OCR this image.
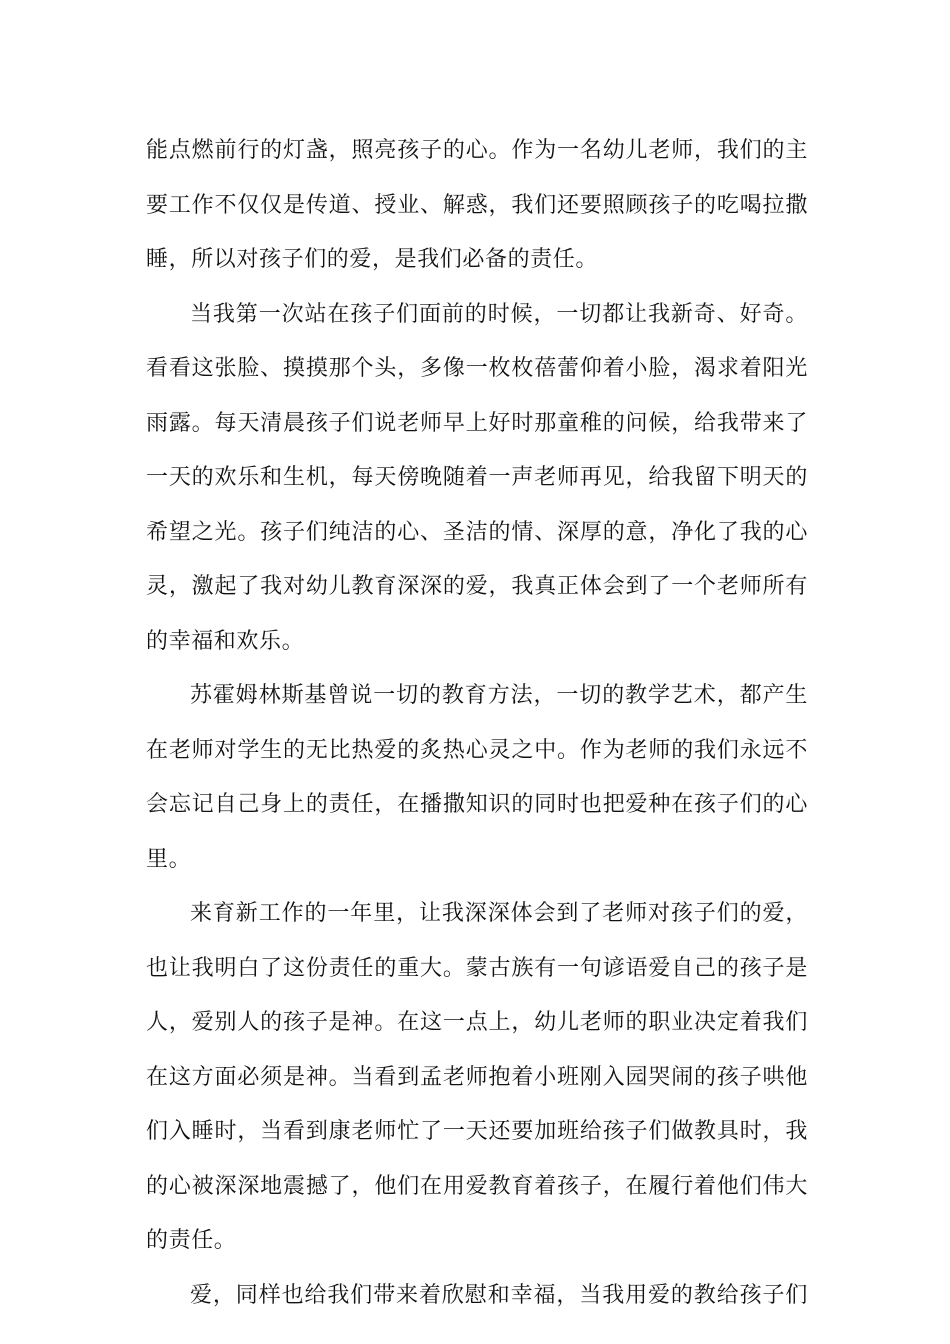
能点燃前行的灯盏，照亮孩子的心。作为一名幼儿老师，我们的主
要工作不仅仅是传道、授业、解惑，我们还要照顾孩子的吃喝拉撒
睡，所以对孩子们的爱，是我们必备的责任。
当我第一次站在孩子们面前的时候，一切都让我新奇、好奇。
看看这张脸、摸摸那个头，多像一枚枚蓓蕾仰着小脸，渴求着阳光
雨露。每天清晨孩子们说老师早上好时那童稚的问候，给我带来了
一天的欢乐和生机，每天傍晚随着一声老师再见，给我留下明天的
希望之光。孩子们纯洁的心、圣洁的情、深厚的意，净化了我的心
灵，激起了我对幼儿教育深深的爱，我真正体会到了一个老师所有
的幸福和欢乐。
苏霍姆林斯基曾说一切的教育方法，一切的教学艺术，都产生
在老师对学生的无比热爱的炙热心灵之中。作为老师的我们永远不
会忘记自己身上的责任，在播撒知识的同时也把爱种在孩子们的心
里。
来育新工作的一年里，让我深深体会到了老师对孩子们的爱，
也让我明白了这份责任的重大。蒙古族有一句谚语爱自己的孩子是
人，爱别人的孩子是神。在这一点上，幼儿老师的职业决定着我们
在这方面必须是神。当看到孟老师抱着小班刚入园哭闹的孩子哄他
们入睡时，当看到康老师忙了一天还要加班给孩子们做教具时，我
的心被深深地震撼了，他们在用爱教育着孩子，在履行着他们伟大
的责任。
爱，同样也给我们带来着欣慰和幸福，当我用爱的教给孩子们
